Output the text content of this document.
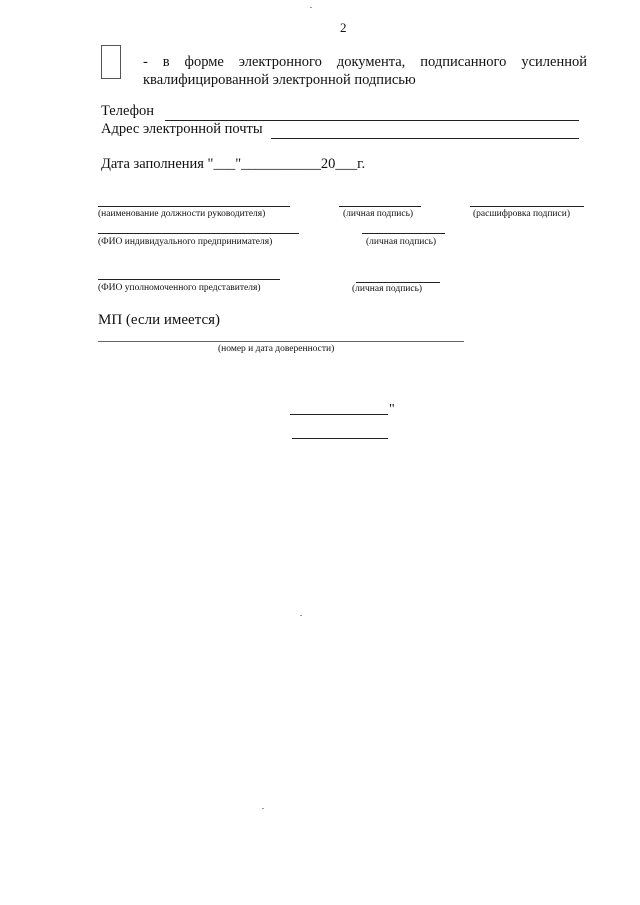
2
- в форме электронного документа, подписанного усиленной
квалифицированной электронной подписью
Телефон
Адрес электронной почты
Дата заполнения "___"___________20___г.
(наименование должности руководителя)	(личная подпись)	(расшифровка подписи)
(ФИО индивидуального предпринимателя)	(личная подпись)
(ФИО уполномоченного представителя)	(личная подпись)
МП (если имеется)
(номер и дата доверенности)
"
